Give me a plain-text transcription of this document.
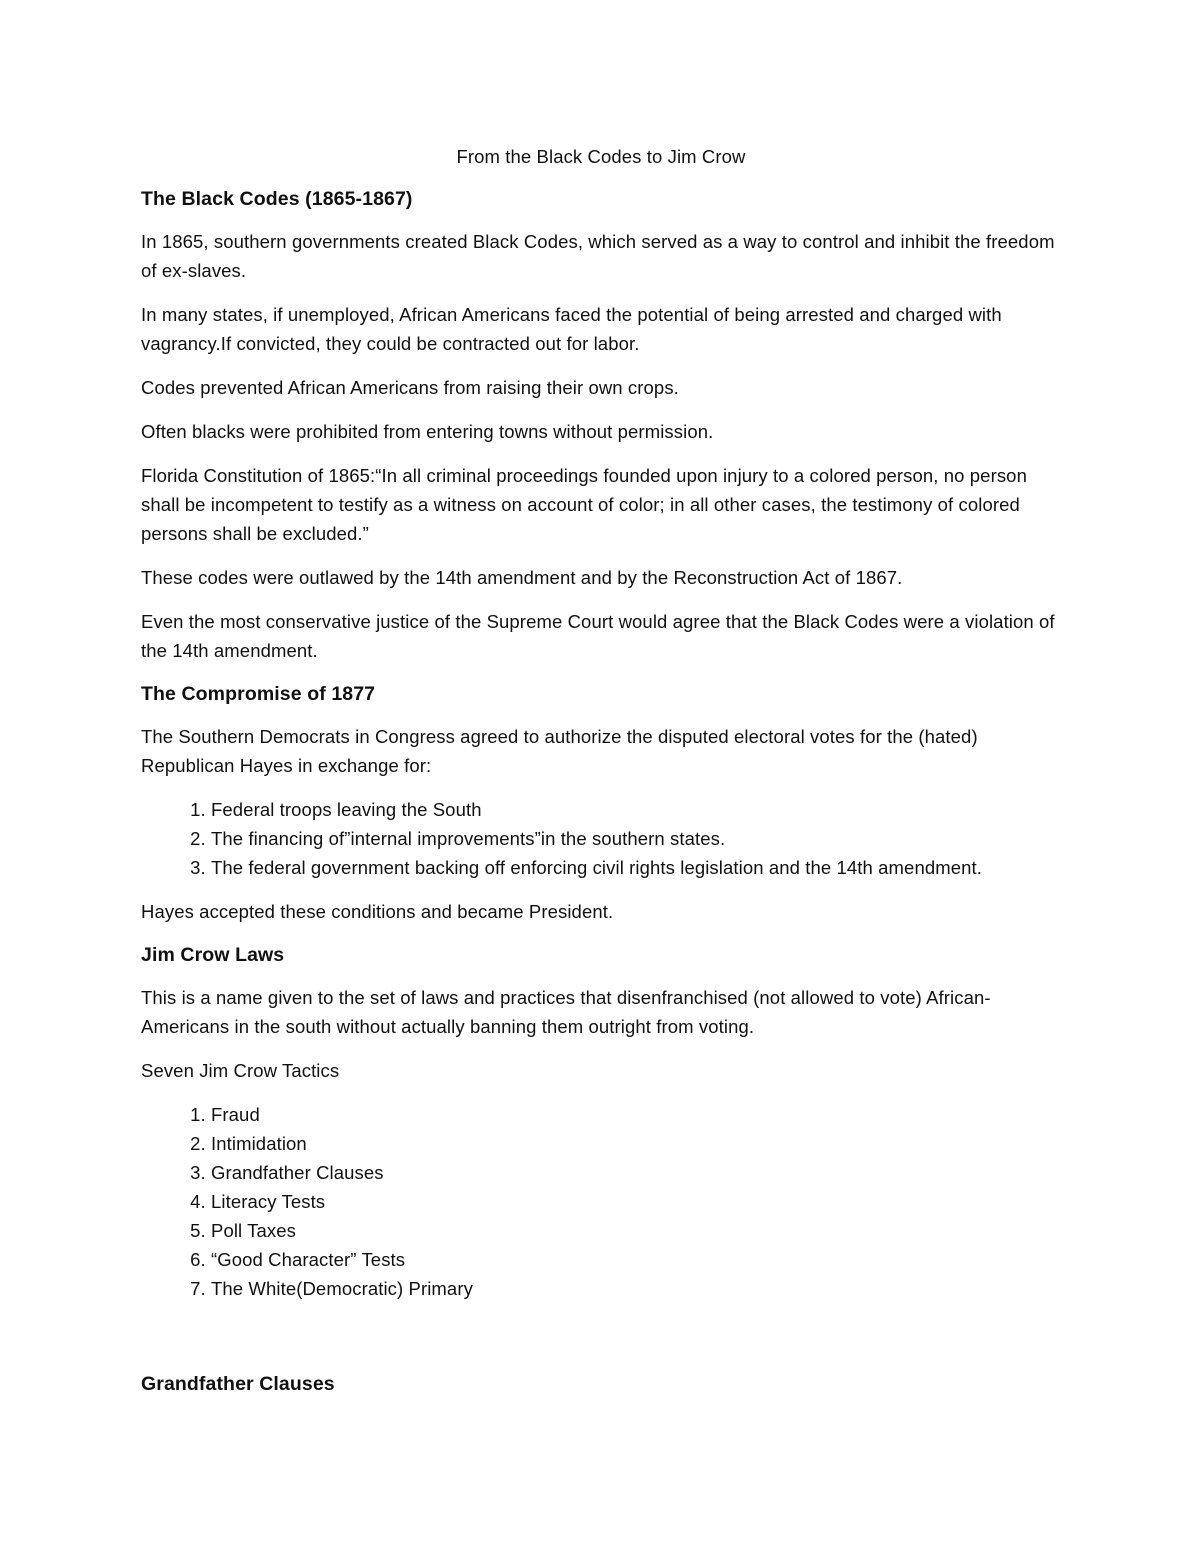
From the Black Codes to Jim Crow
The Black Codes (1865-1867)

In 1865, southern governments created Black Codes, which served as a way to control and inhibit the freedom of ex-slaves.

In many states, if unemployed, African Americans faced the potential of being arrested and charged with vagrancy.If convicted, they could be contracted out for labor.

Codes prevented African Americans from raising their own crops.

Often blacks were prohibited from entering towns without permission.

Florida Constitution of 1865:“In all criminal proceedings founded upon injury to a colored person, no person shall be incompetent to testify as a witness on account of color; in all other cases, the testimony of colored persons shall be excluded.”

These codes were outlawed by the 14th amendment and by the Reconstruction Act of 1867.

Even the most conservative justice of the Supreme Court would agree that the Black Codes were a violation of the 14th amendment.

The Compromise of 1877

The Southern Democrats in Congress agreed to authorize the disputed electoral votes for the (hated) Republican Hayes in exchange for:

1. Federal troops leaving the South
2. The financing of”internal improvements”in the southern states.
3. The federal government backing off enforcing civil rights legislation and the 14th amendment.

Hayes accepted these conditions and became President.

Jim Crow Laws

This is a name given to the set of laws and practices that disenfranchised (not allowed to vote) African-Americans in the south without actually banning them outright from voting.

Seven Jim Crow Tactics

1. Fraud
2. Intimidation
3. Grandfather Clauses
4. Literacy Tests
5. Poll Taxes
6. “Good Character” Tests
7. The White(Democratic) Primary
Grandfather Clauses
